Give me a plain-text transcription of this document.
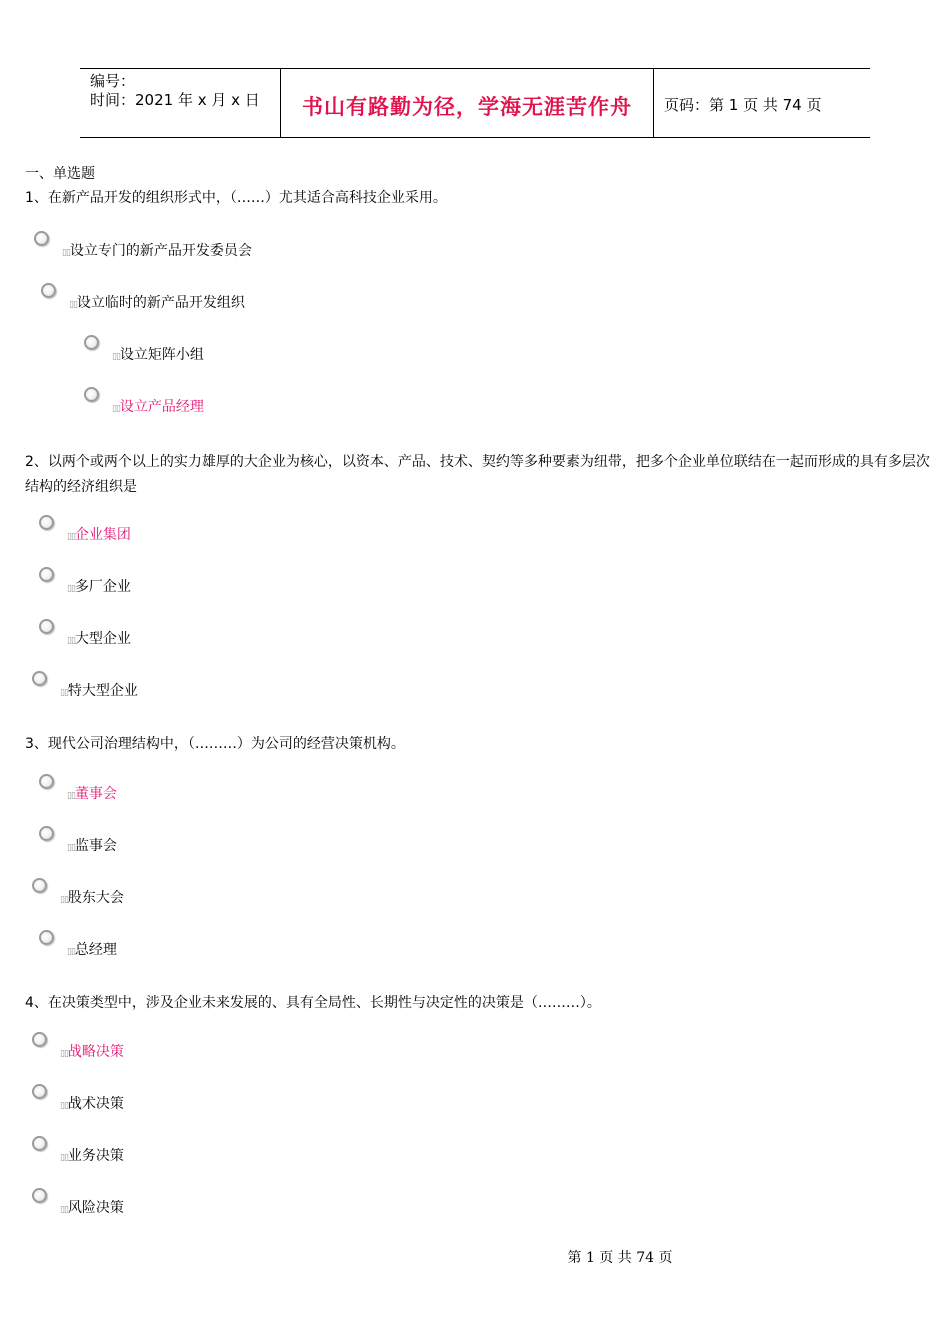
编号：
时间：2021 年 x 月 x 日	书山有路勤为径，学海无涯苦作舟	页码：第 1 页 共 74 页
一、单选题
1、在新产品开发的组织形式中，（……）尤其适合高科技企业采用。
▯▯设立专门的新产品开发委员会
▯▯设立临时的新产品开发组织
▯▯设立矩阵小组
▯▯设立产品经理
2、以两个或两个以上的实力雄厚的大企业为核心，以资本、产品、技术、契约等多种要素为纽带，把多个企业单位联结在一起而形成的具有多层次结构的经济组织是
▯▯企业集团
▯▯多厂企业
▯▯大型企业
▯▯特大型企业
3、现代公司治理结构中，（………）为公司的经营决策机构。
▯▯董事会
▯▯监事会
▯▯股东大会
▯▯总经理
4、在决策类型中，涉及企业未来发展的、具有全局性、长期性与决定性的决策是（………）。
▯▯战略决策
▯▯战术决策
▯▯业务决策
▯▯风险决策
第 1 页 共 74 页
